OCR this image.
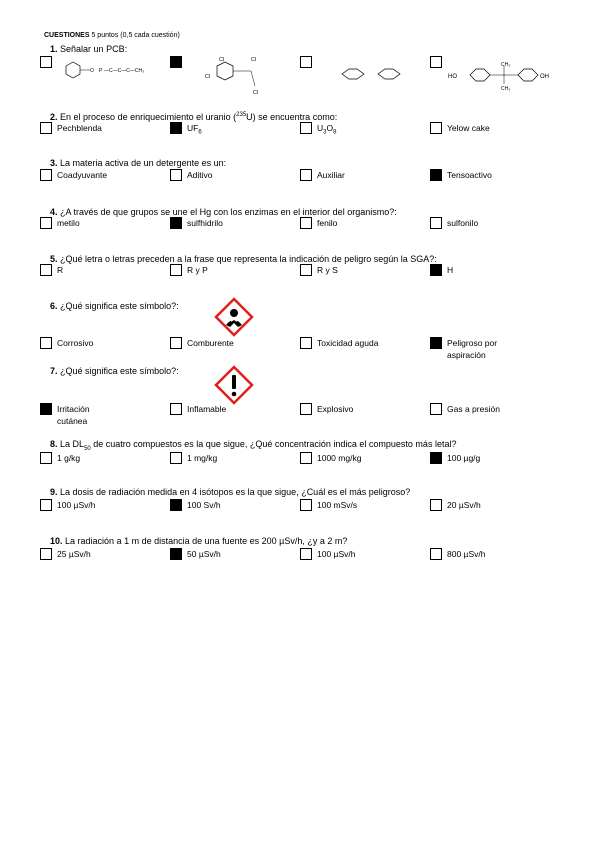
CUESTIONES 5 puntos (0,5 cada cuestión)
1. Señalar un PCB:
O P —C—C—C—CH₃
Cl
Cl
Cl
Cl
HO
CH₃
CH₃
OH
2. En el proceso de enriquecimiento el uranio ($^{235}$U) se encuentra como:
Pechblenda	$UF_6$	$U_3O_8$	Yelow cake
3. La materia activa de un detergente es un:
Coadyuvante	Aditivo	Auxiliar	Tensoactivo
4. ¿A través de que grupos se une el Hg con los enzimas en el interior del organismo?:
metilo	sulfhidrilo	fenilo	sulfonilo
5. ¿Qué letra o letras preceden a la frase que representa la indicación de peligro según la SGA?:
R	R y P	R y S	H
6. ¿Qué significa este símbolo?:
Corrosivo	Comburente	Toxicidad aguda	Peligroso por
aspiración
7. ¿Qué significa este símbolo?:
Irritación
cutánea
Inflamable	Explosivo	Gas a presión
8. La $DL_{50}$ de cuatro compuestos es la que sigue, ¿Qué concentración indica el compuesto más letal?
1 g/kg	1 mg/kg	1000 mg/kg	100 µg/g
9. La dosis de radiación medida en 4 isótopos es la que sigue, ¿Cuál es el más peligroso?
100 µSv/h	100 Sv/h	100 mSv/s	20 µSv/h
10. La radiación a 1 m de distancia de una fuente es 200 µSv/h, ¿y a 2 m?
25 µSv/h	50 µSv/h	100 µSv/h	800 µSv/h
